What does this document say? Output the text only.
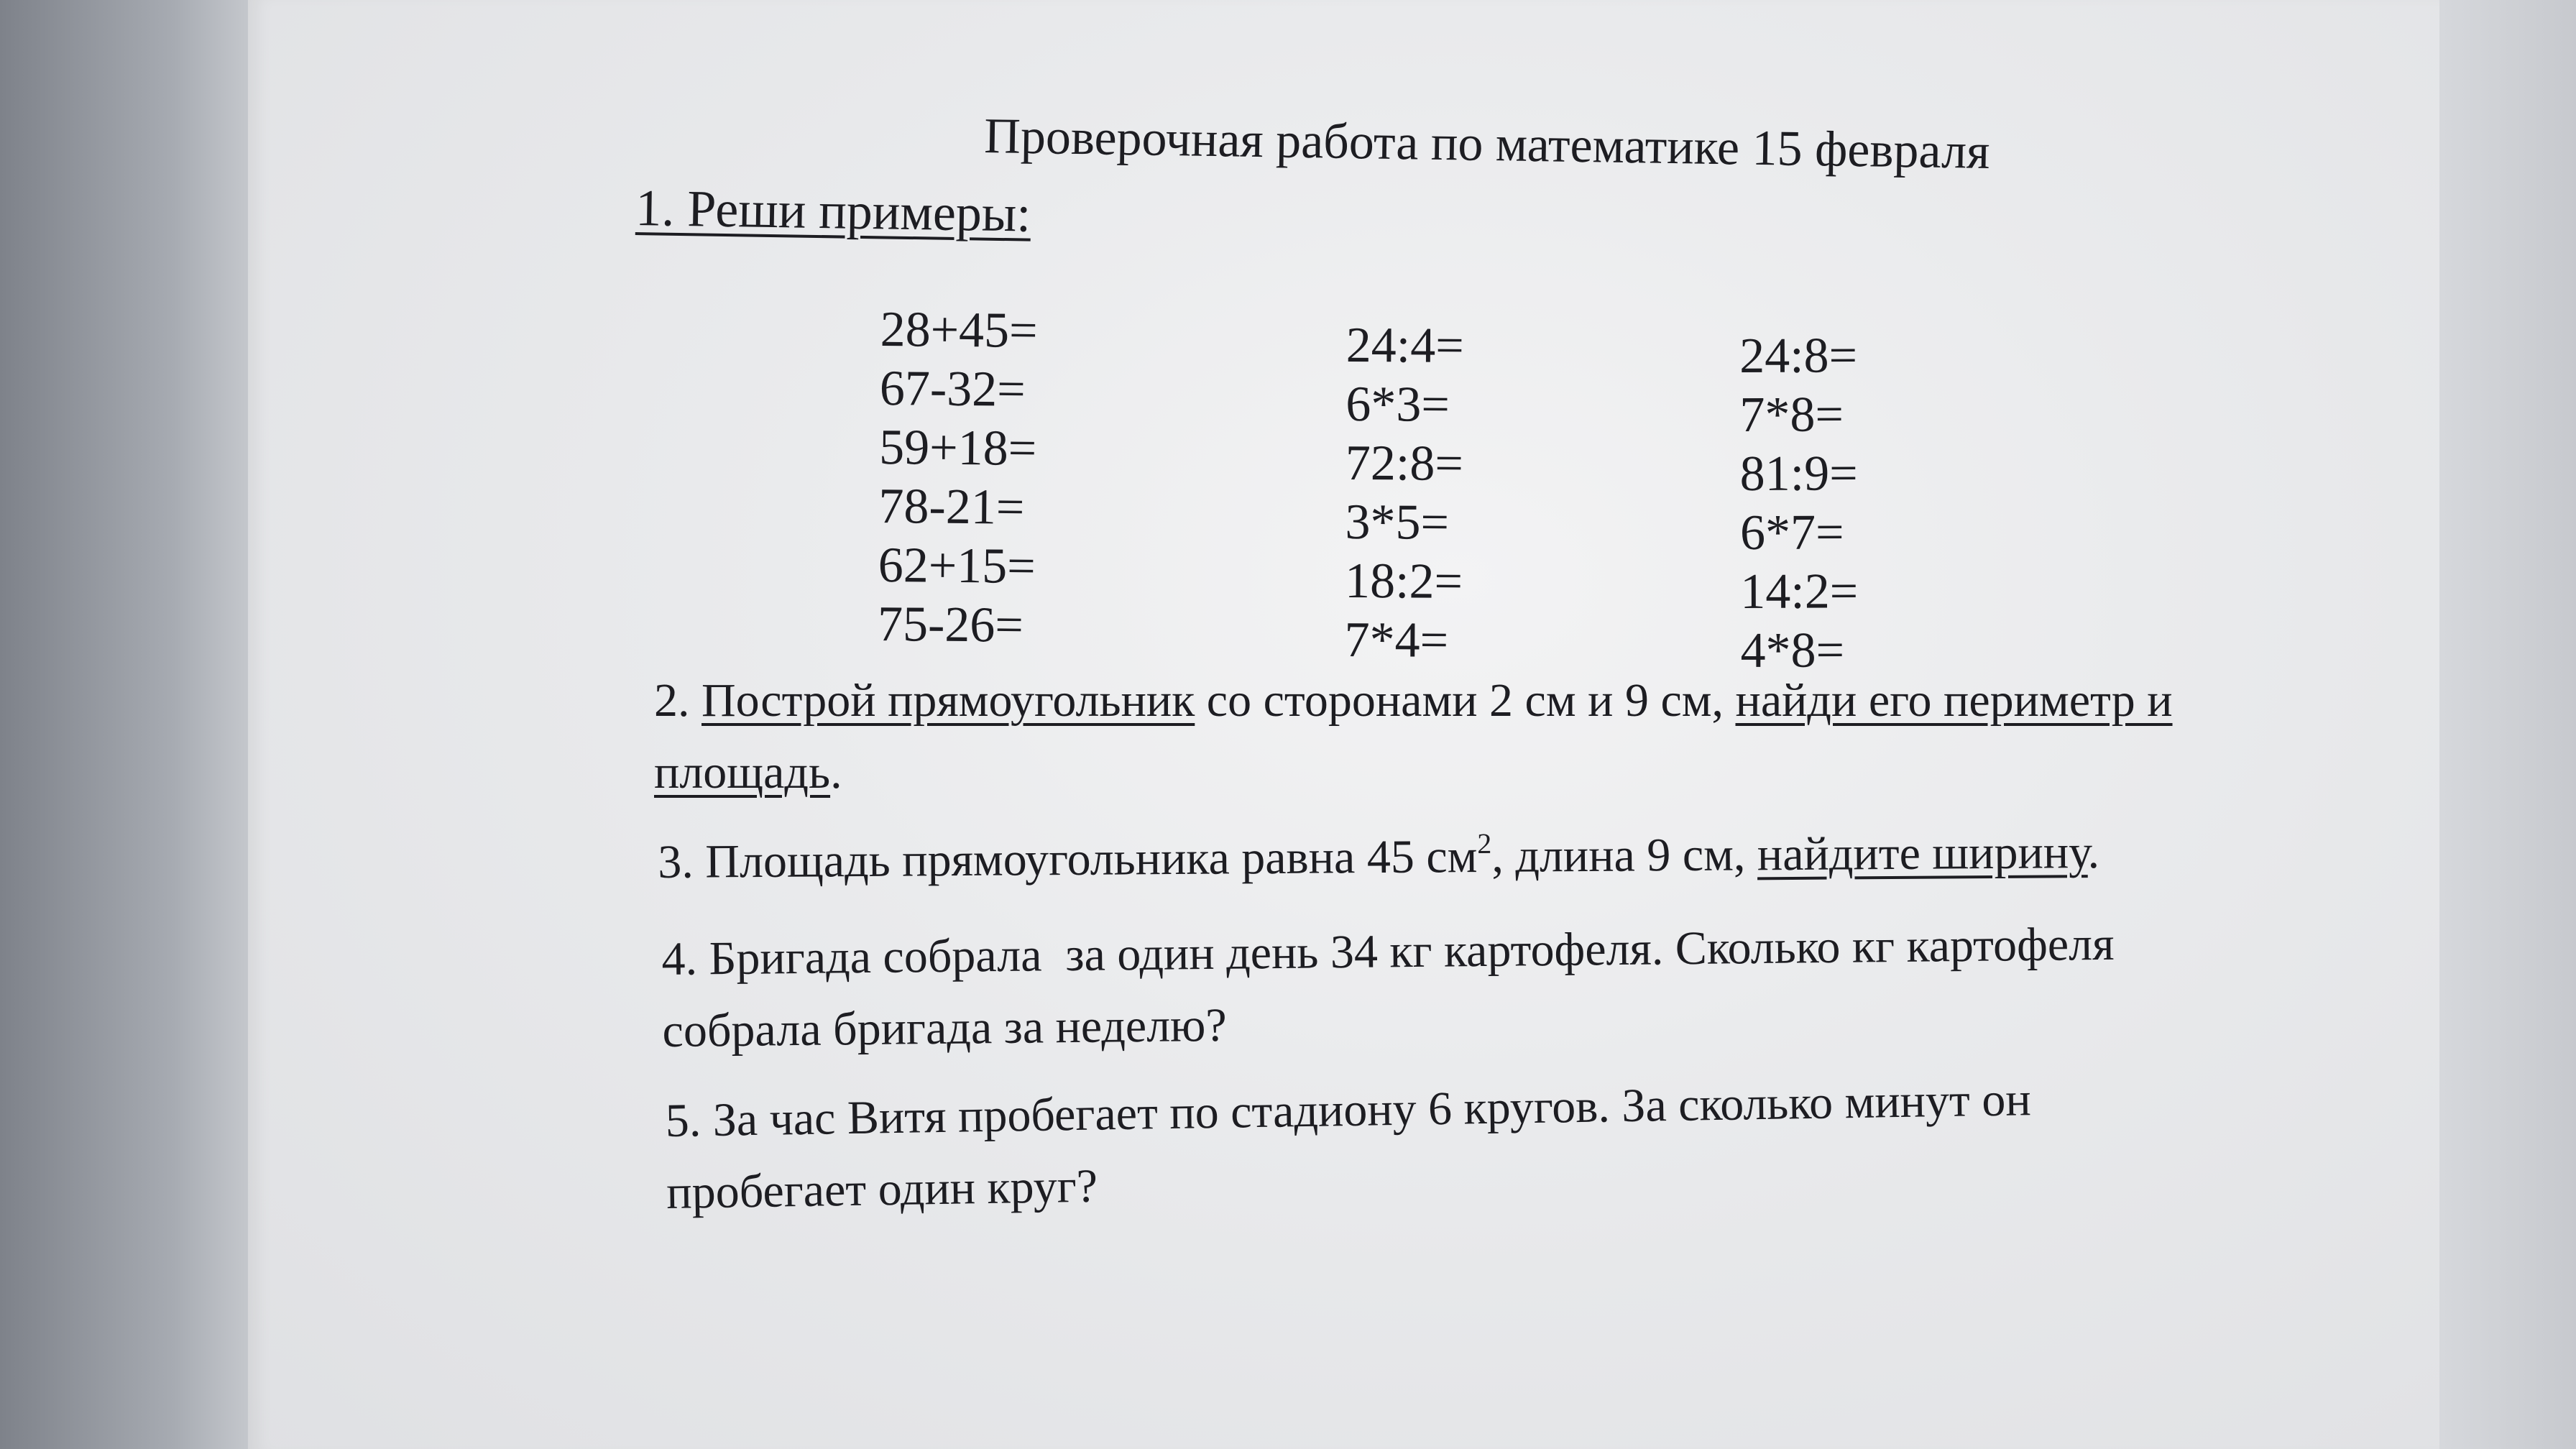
Проверочная работа по математике 15 февраля
1. Реши примеры:
28+45=
67-32=
59+18=
78-21=
62+15=
75-26=
24:4=
6*3=
72:8=
3*5=
18:2=
7*4=
24:8=
7*8=
81:9=
6*7=
14:2=
4*8=
2. Построй прямоугольник со сторонами 2 см и 9 см, найди его периметр и
площадь.
3. Площадь прямоугольника равна 45 $см^2$, длина 9 см, найдите ширину.
4. Бригада собрала  за один день 34 кг картофеля. Сколько кг картофеля
собрала бригада за неделю?
5. За час Витя пробегает по стадиону 6 кругов. За сколько минут он
пробегает один круг?
